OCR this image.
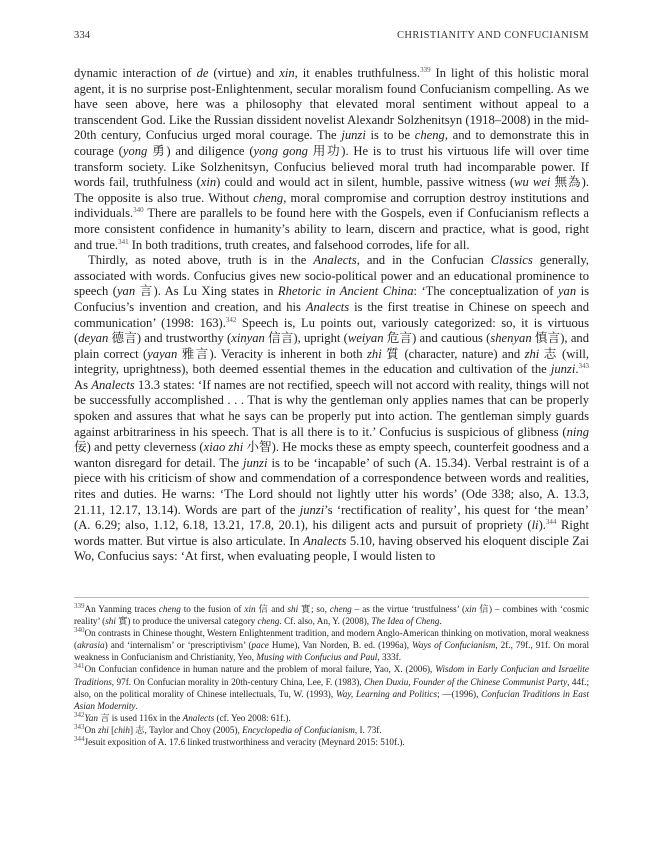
334	CHRISTIANITY AND CONFUCIANISM

dynamic interaction of de (virtue) and xin, it enables truthfulness.$^{339}$ In light of this holistic moral agent, it is no surprise post-Enlightenment, secular moralism found Confucianism compelling. As we have seen above, here was a philosophy that elevated moral sentiment without appeal to a transcendent God. Like the Russian dissident novelist Alexandr Solzhenitsyn (1918–2008) in the mid-20th century, Confucius urged moral courage. The junzi is to be cheng, and to demonstrate this in courage (yong 勇) and diligence (yong gong 用功). He is to trust his virtuous life will over time transform society. Like Solzhenitsyn, Confucius believed moral truth had incomparable power. If words fail, truthfulness (xin) could and would act in silent, humble, passive witness (wu wei 無為). The opposite is also true. Without cheng, moral compromise and corruption destroy institutions and individuals.$^{340}$ There are parallels to be found here with the Gospels, even if Confucianism reflects a more consistent confidence in humanity’s ability to learn, discern and practice, what is good, right and true.$^{341}$ In both traditions, truth creates, and falsehood corrodes, life for all.

Thirdly, as noted above, truth is in the Analects, and in the Confucian Classics generally, associated with words. Confucius gives new socio-political power and an educational prominence to speech (yan 言). As Lu Xing states in Rhetoric in Ancient China: ‘The conceptualization of yan is Confucius’s invention and creation, and his Analects is the first treatise in Chinese on speech and communication’ (1998: 163).$^{342}$ Speech is, Lu points out, variously categorized: so, it is virtuous (deyan 德言) and trustworthy (xinyan 信言), upright (weiyan 危言) and cautious (shenyan 慎言), and plain correct (yayan 雅言). Veracity is inherent in both zhi 質 (character, nature) and zhi 志 (will, integrity, uprightness), both deemed essential themes in the education and cultivation of the junzi.$^{343}$ As Analects 13.3 states: ‘If names are not rectified, speech will not accord with reality, things will not be successfully accomplished . . . That is why the gentleman only applies names that can be properly spoken and assures that what he says can be properly put into action. The gentleman simply guards against arbitrariness in his speech. That is all there is to it.’ Confucius is suspicious of glibness (ning 佞) and petty cleverness (xiao zhi 小智). He mocks these as empty speech, counterfeit goodness and a wanton disregard for detail. The junzi is to be ‘incapable’ of such (A. 15.34). Verbal restraint is of a piece with his criticism of show and commendation of a correspondence between words and realities, rites and duties. He warns: ‘The Lord should not lightly utter his words’ (Ode 338; also, A. 13.3, 21.11, 12.17, 13.14). Words are part of the junzi’s ‘rectification of reality’, his quest for ‘the mean’ (A. 6.29; also, 1.12, 6.18, 13.21, 17.8, 20.1), his diligent acts and pursuit of propriety (li).$^{344}$ Right words matter. But virtue is also articulate. In Analects 5.10, having observed his eloquent disciple Zai Wo, Confucius says: ‘At first, when evaluating people, I would listen to

$^{339}$An Yanming traces cheng to the fusion of xin 信 and shi 實; so, cheng – as the virtue ‘trustfulness’ (xin 信) – combines with ‘cosmic reality’ (shi 實) to produce the universal category cheng. Cf. also, An, Y. (2008), The Idea of Cheng.

$^{340}$On contrasts in Chinese thought, Western Enlightenment tradition, and modern Anglo-American thinking on motivation, moral weakness (akrasia) and ‘internalism’ or ‘prescriptivism’ (pace Hume), Van Norden, B. ed. (1996a), Ways of Confucianism, 2f., 79f., 91f. On moral weakness in Confucianism and Christianity, Yeo, Musing with Confucius and Paul, 333f.

$^{341}$On Confucian confidence in human nature and the problem of moral failure, Yao, X. (2006), Wisdom in Early Confucian and Israelite Traditions, 97f. On Confucian morality in 20th-century China, Lee, F. (1983), Chen Duxiu, Founder of the Chinese Communist Party, 44f.; also, on the political morality of Chinese intellectuals, Tu, W. (1993), Way, Learning and Politics; —(1996), Confucian Traditions in East Asian Modernity.

$^{342}$Yan 言 is used 116x in the Analects (cf. Yeo 2008: 61f.).

$^{343}$On zhi [chih] 志, Taylor and Choy (2005), Encyclopedia of Confucianism, I. 73f.

$^{344}$Jesuit exposition of A. 17.6 linked trustworthiness and veracity (Meynard 2015: 510f.).
